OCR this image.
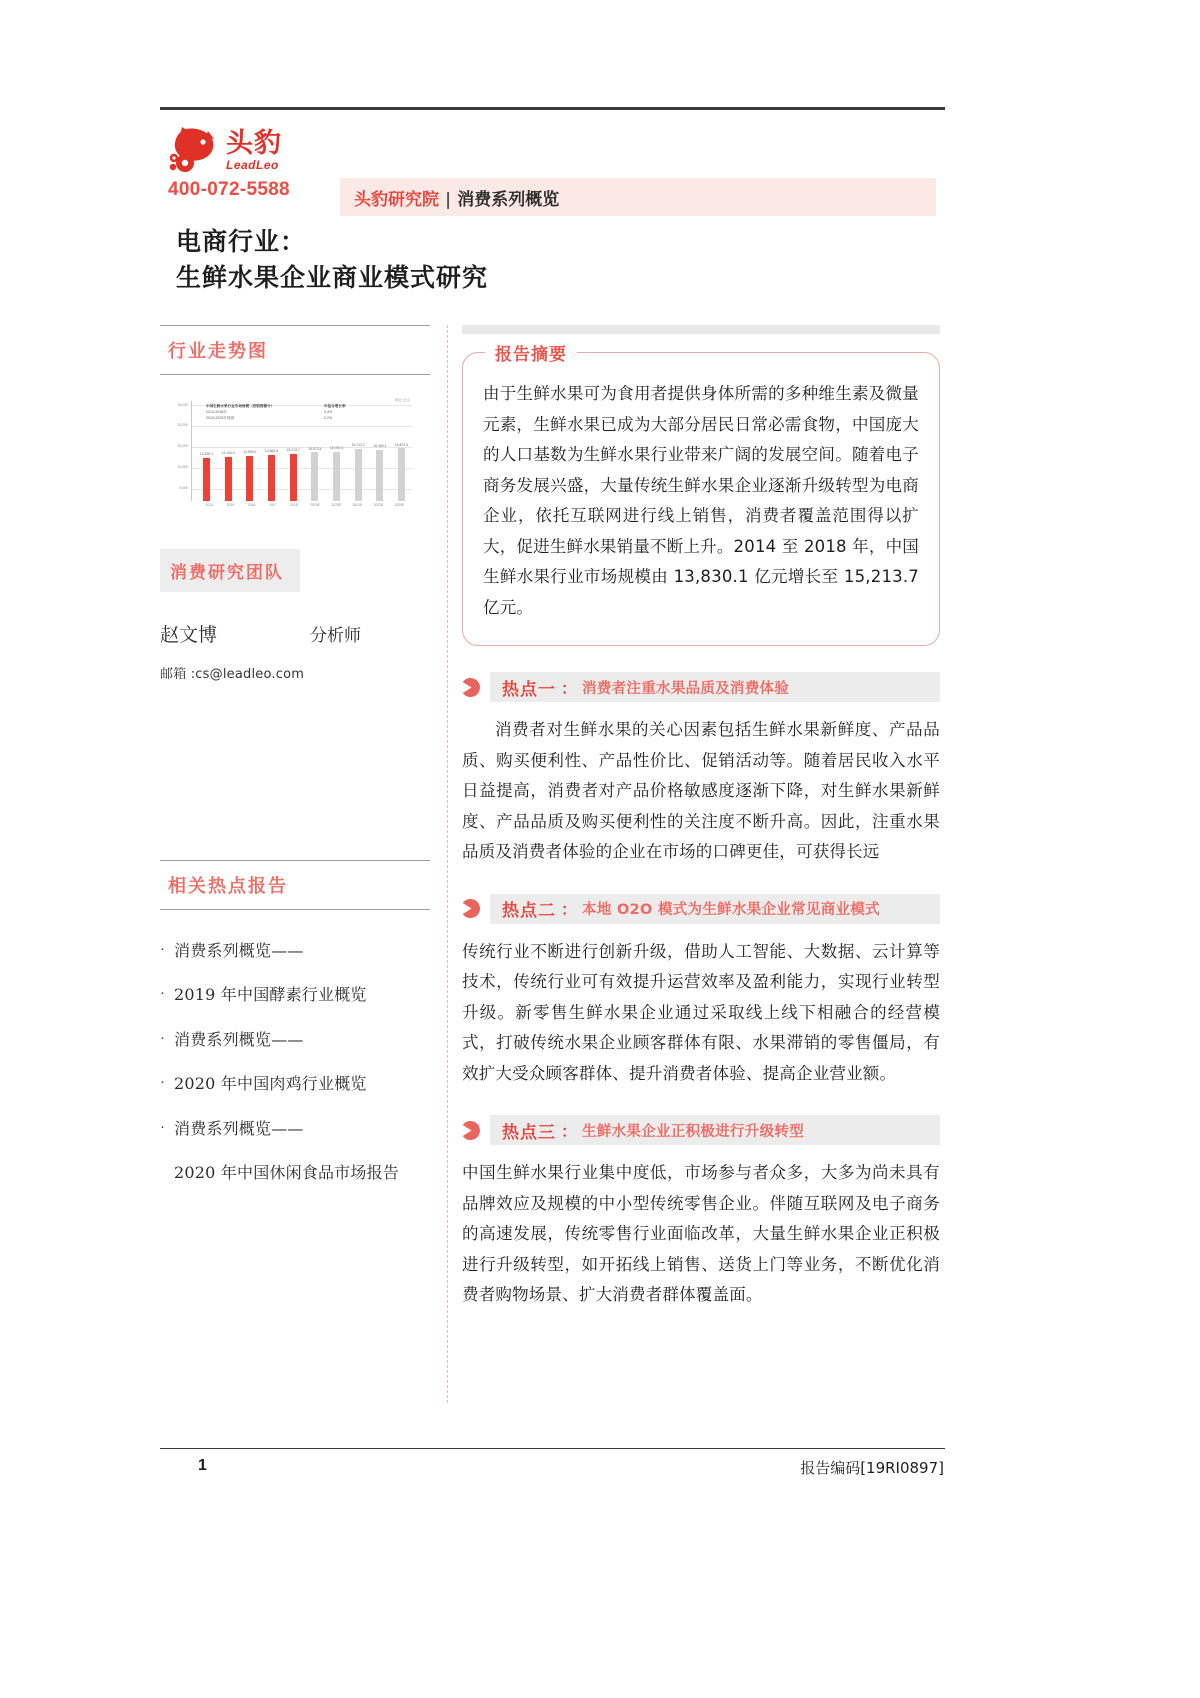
头豹
LeadLeo
400-072-5588	头豹研究院 | 消费系列概览
电商行业：
生鲜水果企业商业模式研究
行业走势图
单位: 亿元
25,000
20,000
15,000
10,000
5,000
中国生鲜水果行业市场规模（按销售额计）	年复合增长率
2014-2018年	2.4%
2019-2023年预测	2.2%
13,830.1 14,134.6 14,559.5 14,860.6 15,213.7 15,573.4 15,760.3
16,742.2 16,465.4 16,873.5
2014	2015	2016	2017	2018	2019E	2020E	2021E	2022E	2023E
消费研究团队
赵文博	分析师
邮箱 :cs@leadleo.com
相关热点报告
· 消费系列概览——
· 2019 年中国酵素行业概览
· 消费系列概览——
· 2020 年中国肉鸡行业概览
· 消费系列概览——
2020 年中国休闲食品市场报告
报告摘要
由于生鲜水果可为食用者提供身体所需的多种维生素及微量元素，生鲜水果已成为大部分居民日常必需食物，中国庞大的人口基数为生鲜水果行业带来广阔的发展空间。随着电子商务发展兴盛，大量传统生鲜水果企业逐渐升级转型为电商企业，依托互联网进行线上销售，消费者覆盖范围得以扩大，促进生鲜水果销量不断上升。2014 至 2018 年，中国生鲜水果行业市场规模由 13,830.1 亿元增长至 15,213.7 亿元。
热点一 ： 消费者注重水果品质及消费体验
消费者对生鲜水果的关心因素包括生鲜水果新鲜度、产品品质、购买便利性、产品性价比、促销活动等。随着居民收入水平日益提高，消费者对产品价格敏感度逐渐下降，对生鲜水果新鲜度、产品品质及购买便利性的关注度不断升高。因此，注重水果品质及消费者体验的企业在市场的口碑更佳，可获得长远
热点二 ： 本地 O2O 模式为生鲜水果企业常见商业模式
传统行业不断进行创新升级，借助人工智能、大数据、云计算等技术，传统行业可有效提升运营效率及盈利能力，实现行业转型升级。新零售生鲜水果企业通过采取线上线下相融合的经营模式，打破传统水果企业顾客群体有限、水果滞销的零售僵局，有效扩大受众顾客群体、提升消费者体验、提高企业营业额。
热点三 ： 生鲜水果企业正积极进行升级转型
中国生鲜水果行业集中度低，市场参与者众多，大多为尚未具有品牌效应及规模的中小型传统零售企业。伴随互联网及电子商务的高速发展，传统零售行业面临改革，大量生鲜水果企业正积极进行升级转型，如开拓线上销售、送货上门等业务，不断优化消费者购物场景、扩大消费者群体覆盖面。
1	报告编码[19RI0897]
